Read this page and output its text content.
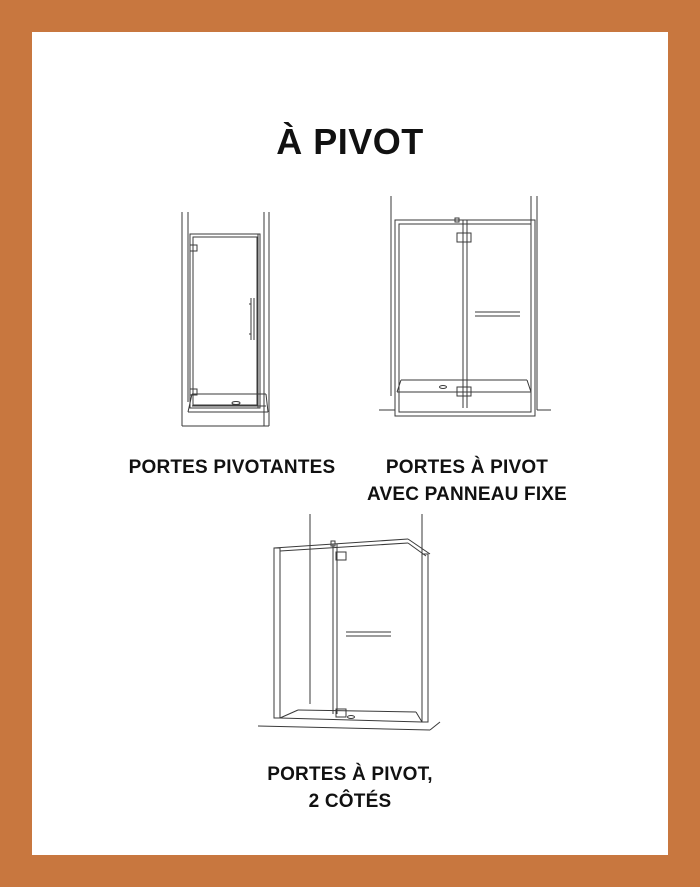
À PIVOT
PORTES PIVOTANTES	PORTES À PIVOT
AVEC PANNEAU FIXE
PORTES À PIVOT,
2 CÔTÉS
